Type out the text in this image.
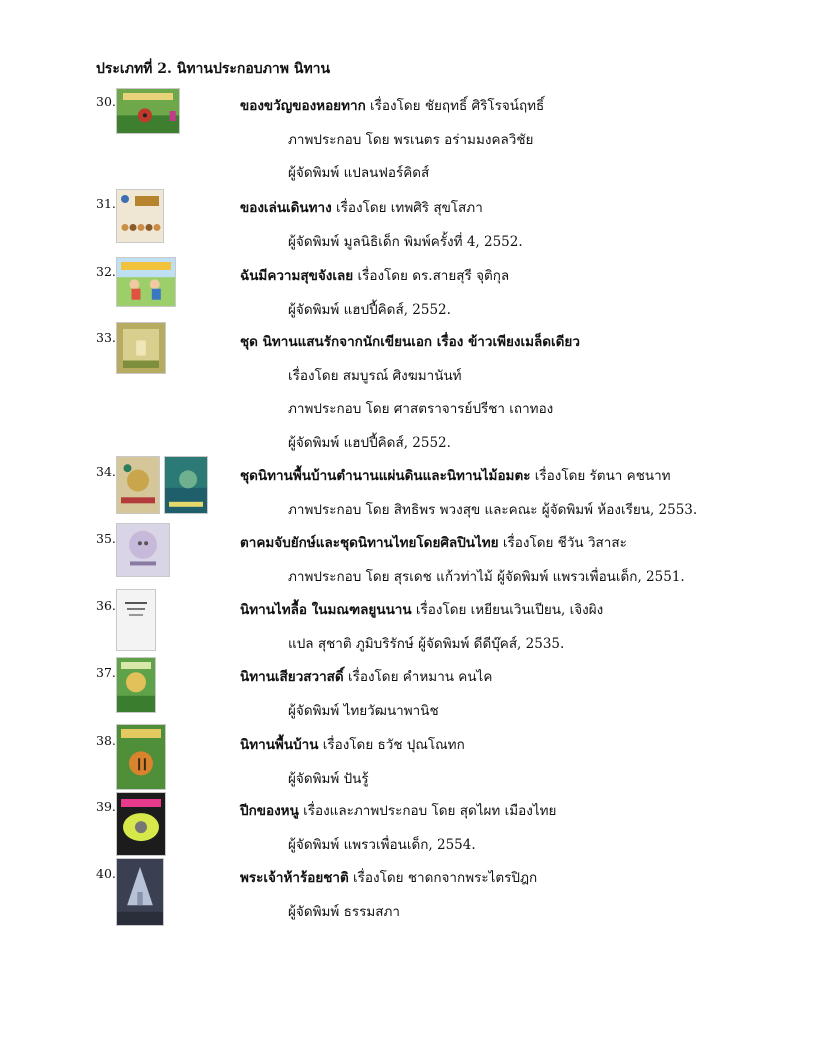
ประเภทที่ 2. นิทานประกอบภาพ นิทาน
30.	ของขวัญของหอยทาก เรื่องโดย ชัยฤทธิ์ ศิริโรจน์ฤทธิ์
ภาพประกอบ โดย พรเนตร อร่ามมงคลวิชัย
ผู้จัดพิมพ์ แปลนฟอร์คิดส์
31.	ของเล่นเดินทาง เรื่องโดย เทพศิริ สุขโสภา
ผู้จัดพิมพ์ มูลนิธิเด็ก พิมพ์ครั้งที่ 4, 2552.
32.	ฉันมีความสุขจังเลย เรื่องโดย ดร.สายสุรี จุติกุล
ผู้จัดพิมพ์ แฮปปี้คิดส์, 2552.
33.	ชุด นิทานแสนรักจากนักเขียนเอก เรื่อง ข้าวเพียงเมล็ดเดียว
เรื่องโดย สมบูรณ์ ศิงฆมานันท์
ภาพประกอบ โดย ศาสตราจารย์ปรีชา เถาทอง
ผู้จัดพิมพ์ แฮปปี้คิดส์, 2552.
34.	ชุดนิทานพื้นบ้านตำนานแผ่นดินและนิทานไม้อมตะ เรื่องโดย รัตนา คชนาท
ภาพประกอบ โดย สิทธิพร พวงสุข และคณะ ผู้จัดพิมพ์ ห้องเรียน, 2553.
35.	ตาคมจับยักษ์และชุดนิทานไทยโดยศิลปินไทย เรื่องโดย ชีวัน วิสาสะ
ภาพประกอบ โดย สุรเดช แก้วท่าไม้ ผู้จัดพิมพ์ แพรวเพื่อนเด็ก, 2551.
36.	นิทานไทลื้อ ในมณฑลยูนนาน เรื่องโดย เหยียนเวินเปียน, เจิงผิง
แปล สุชาติ ภูมิบริรักษ์ ผู้จัดพิมพ์ ดีดีบุ๊คส์, 2535.
37.	นิทานเสียวสวาสดิ์ เรื่องโดย คำหมาน คนไค
ผู้จัดพิมพ์ ไทยวัฒนาพานิช
38.	นิทานพื้นบ้าน เรื่องโดย ธวัช ปุณโณทก
ผู้จัดพิมพ์ ปันรู้
39.	ปีกของหนู เรื่องและภาพประกอบ โดย สุดไผท เมืองไทย
ผู้จัดพิมพ์ แพรวเพื่อนเด็ก, 2554.
40.	พระเจ้าห้าร้อยชาติ เรื่องโดย ชาดกจากพระไตรปิฎก
ผู้จัดพิมพ์ ธรรมสภา
